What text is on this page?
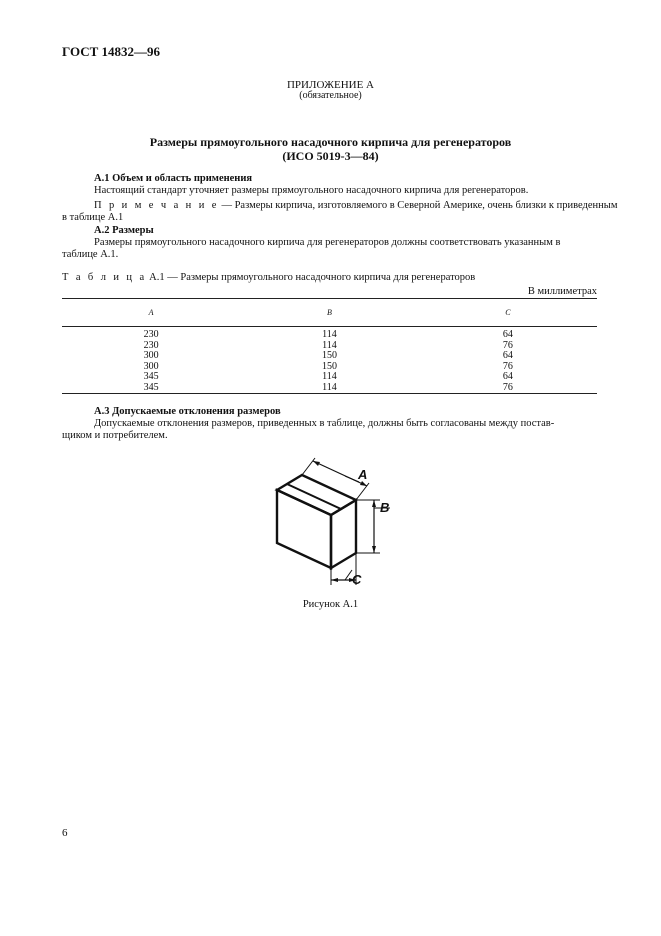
ГОСТ 14832—96
ПРИЛОЖЕНИЕ А
(обязательное)
Размеры прямоугольного насадочного кирпича для регенераторов
(ИСО 5019-3—84)
А.1 Объем и область применения
Настоящий стандарт уточняет размеры прямоугольного насадочного кирпича для регенераторов.
П р и м е ч а н и е — Размеры кирпича, изготовляемого в Северной Америке, очень близки к приведенным
в таблице А.1
А.2 Размеры
Размеры прямоугольного насадочного кирпича для регенераторов должны соответствовать указанным в
таблице А.1.
Т а б л и ц а А.1 — Размеры прямоугольного насадочного кирпича для регенераторов
В миллиметрах
A	B	C
230	114	64
230	114	76
300	150	64
300	150	76
345	114	64
345	114	76
А.3 Допускаемые отклонения размеров
Допускаемые отклонения размеров, приведенных в таблице, должны быть согласованы между постав-
щиком и потребителем.
A
B
C
Рисунок А.1
6
